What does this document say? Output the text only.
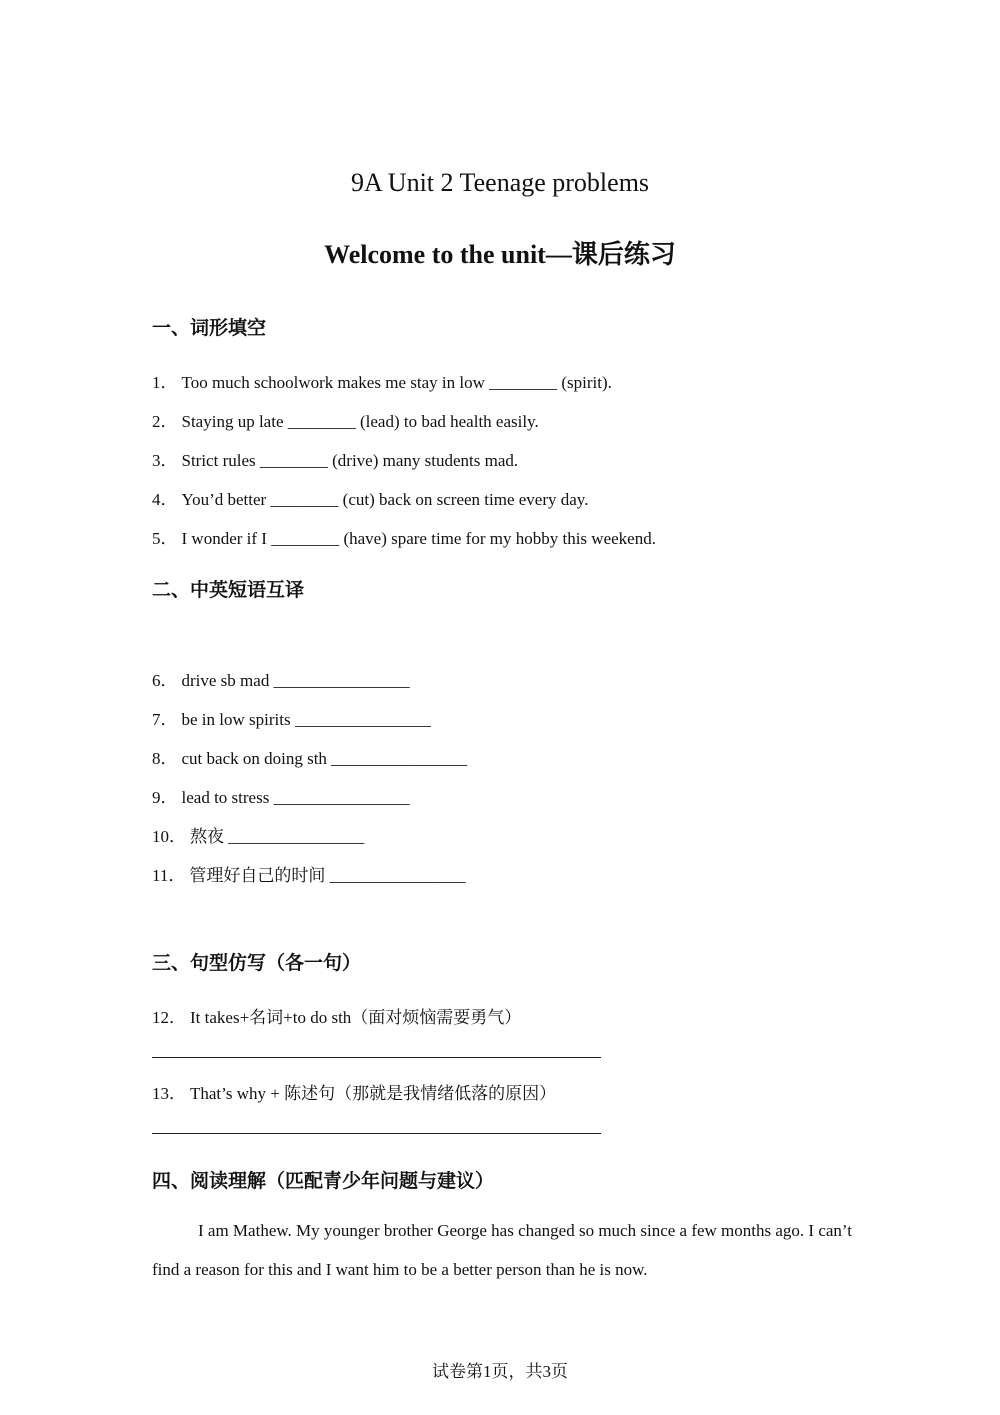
9A Unit 2 Teenage problems
Welcome to the unit—课后练习
一、词形填空
1． Too much schoolwork makes me stay in low ________ (spirit).
2． Staying up late ________ (lead) to bad health easily.
3． Strict rules ________ (drive) many students mad.
4． You’d better ________ (cut) back on screen time every day.
5． I wonder if I ________ (have) spare time for my hobby this weekend.
二、中英短语互译
6． drive sb mad ________________
7． be in low spirits ________________
8． cut back on doing sth ________________
9． lead to stress ________________
10． 熬夜 ________________
11． 管理好自己的时间 ________________
三、句型仿写（各一句）
12． It takes+名词+to do sth（面对烦恼需要勇气）
13． That’s why + 陈述句（那就是我情绪低落的原因）
四、阅读理解（匹配青少年问题与建议）
I am Mathew. My younger brother George has changed so much since a few months ago. I can’t find a reason for this and I want him to be a better person than he is now.
试卷第1页，共3页
